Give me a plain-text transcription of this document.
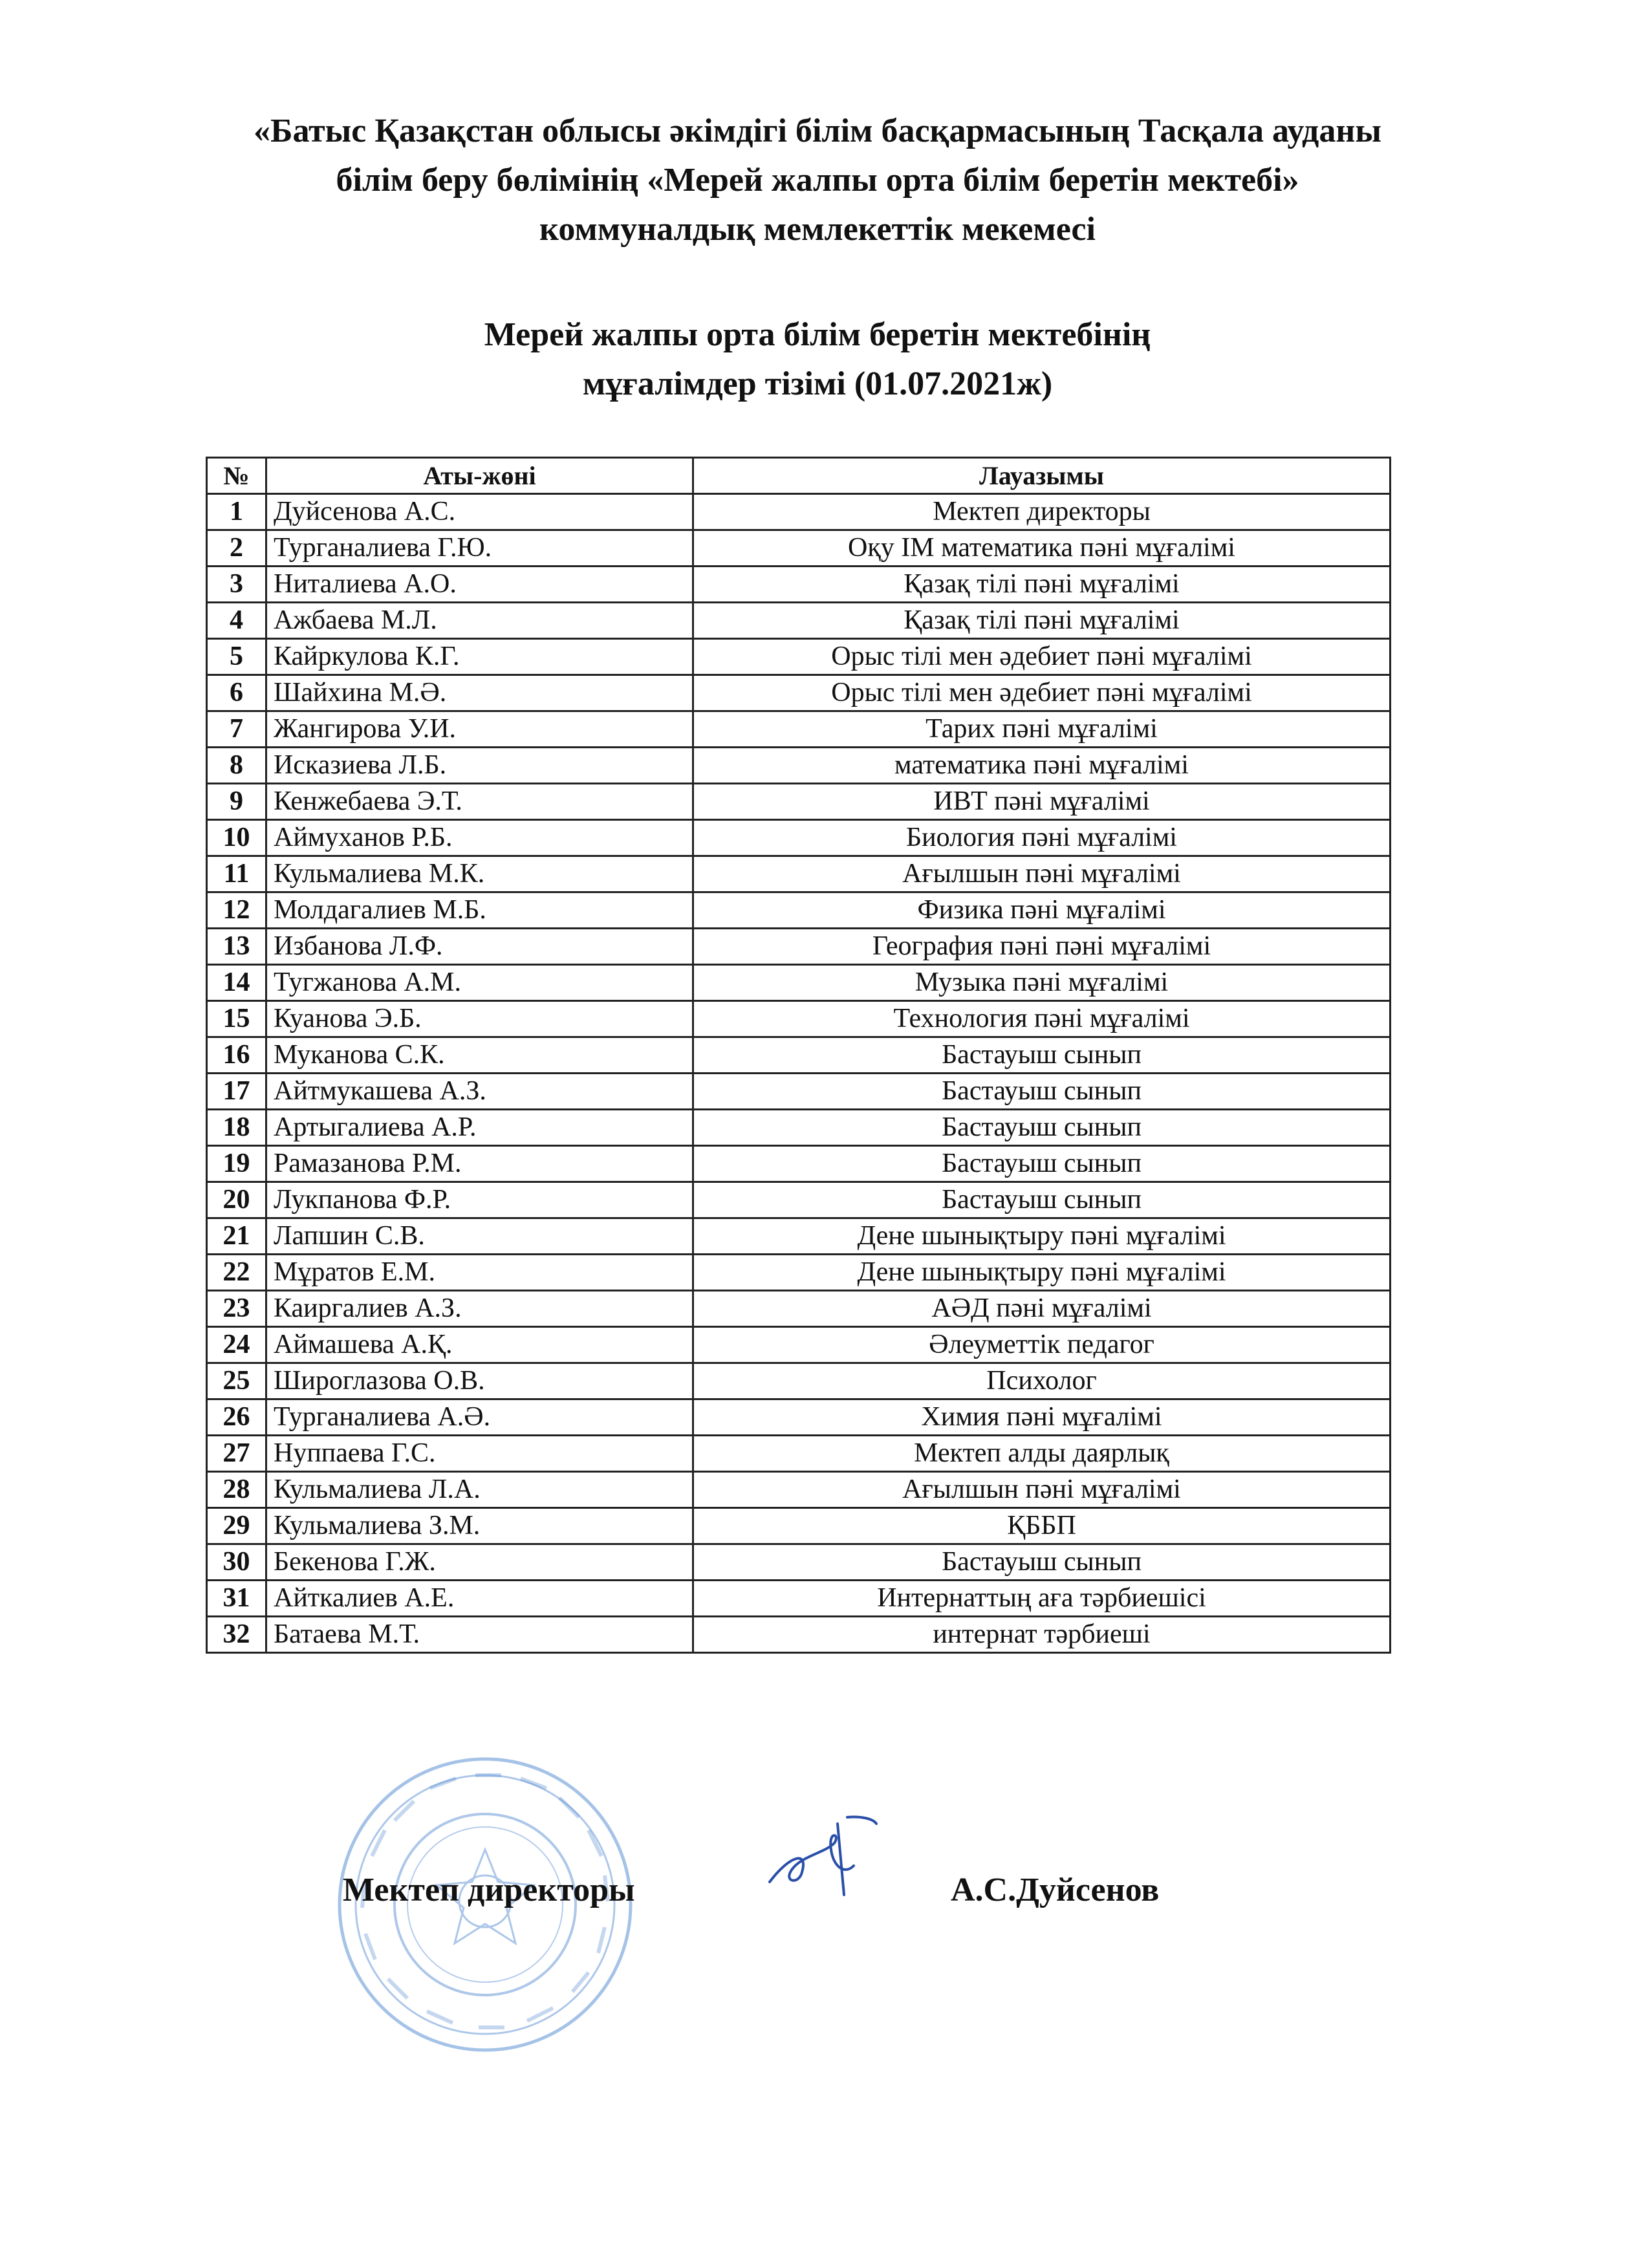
«Батыс Қазақстан облысы әкімдігі білім басқармасының Тасқала ауданы
білім беру бөлімінің «Мерей жалпы орта білім беретін мектебі»
коммуналдық мемлекеттік мекемесі
Мерей жалпы орта білім беретін мектебінің
мұғалімдер тізімі (01.07.2021ж)
№	Аты-жөні	Лауазымы
1	Дуйсенова А.С.	Мектеп директоры
2	Турганалиева Г.Ю.	Оқу ІМ математика пәні мұғалімі
3	Ниталиева А.О.	Қазақ тілі пәні мұғалімі
4	Ажбаева М.Л.	Қазақ тілі пәні мұғалімі
5	Кайркулова К.Г.	Орыс тілі мен әдебиет пәні мұғалімі
6	Шайхина М.Ә.	Орыс тілі мен әдебиет пәні мұғалімі
7	Жангирова У.И.	Тарих пәні мұғалімі
8	Исказиева Л.Б.	математика пәні мұғалімі
9	Кенжебаева Э.Т.	ИВТ пәні мұғалімі
10	Аймуханов Р.Б.	Биология пәні мұғалімі
11	Кульмалиева М.К.	Ағылшын пәні мұғалімі
12	Молдагалиев М.Б.	Физика пәні мұғалімі
13	Избанова Л.Ф.	География пәні пәні мұғалімі
14	Тугжанова А.М.	Музыка пәні мұғалімі
15	Куанова Э.Б.	Технология пәні мұғалімі
16	Муканова С.К.	Бастауыш сынып
17	Айтмукашева А.З.	Бастауыш сынып
18	Артыгалиева А.Р.	Бастауыш сынып
19	Рамазанова Р.М.	Бастауыш сынып
20	Лукпанова Ф.Р.	Бастауыш сынып
21	Лапшин С.В.	Дене шынықтыру пәні мұғалімі
22	Мұратов Е.М.	Дене шынықтыру пәні мұғалімі
23	Каиргалиев А.З.	АӘД пәні мұғалімі
24	Аймашева А.Қ.	Әлеуметтік педагог
25	Широглазова О.В.	Психолог
26	Турганалиева А.Ә.	Химия пәні мұғалімі
27	Нуппаева Г.С.	Мектеп алды даярлық
28	Кульмалиева Л.А.	Ағылшын пәні мұғалімі
29	Кульмалиева З.М.	ҚББП
30	Бекенова Г.Ж.	Бастауыш сынып
31	Айткалиев А.Е.	Интернаттың аға тәрбиешісі
32	Батаева М.Т.	интернат тәрбиеші
Мектеп директоры	А.С.Дуйсенов
